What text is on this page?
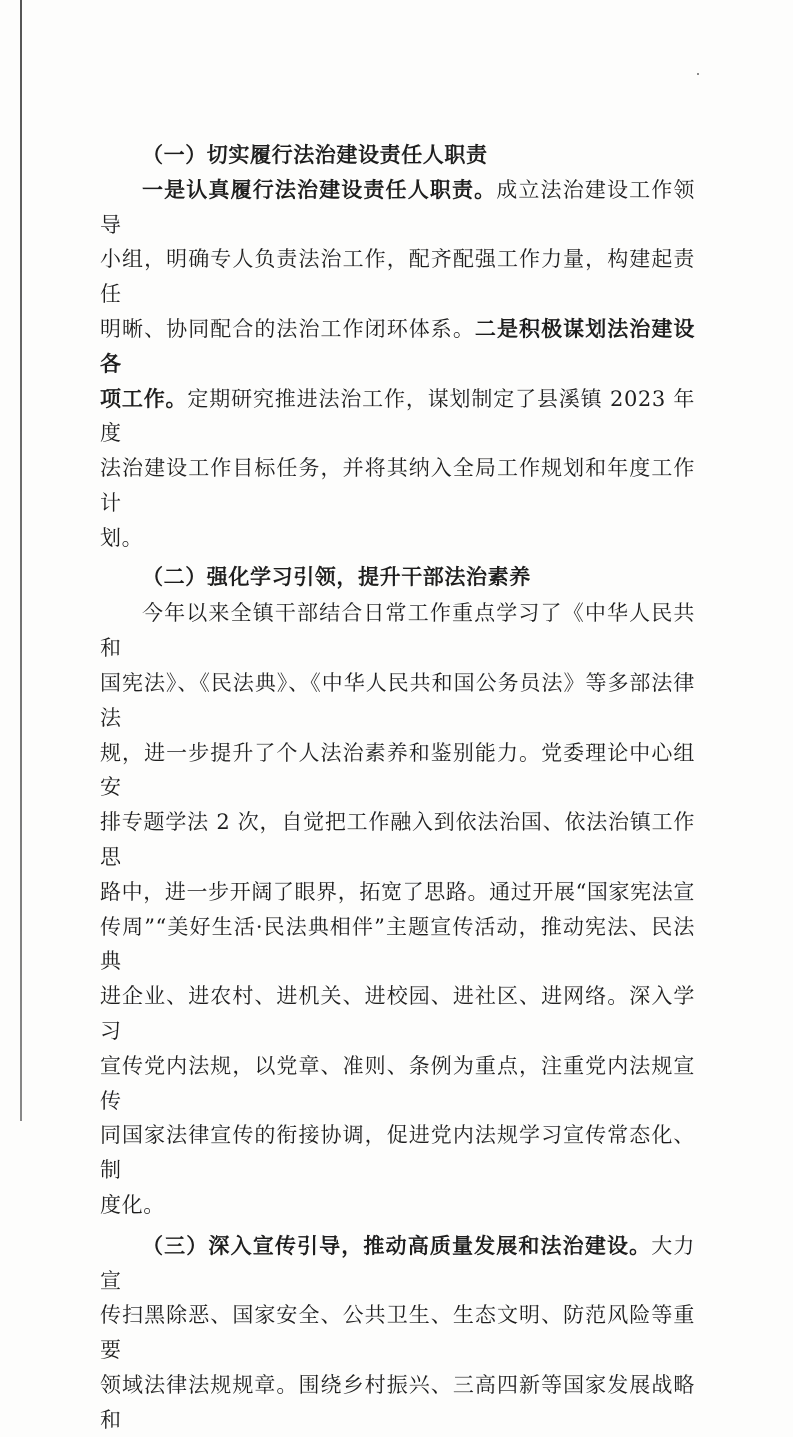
（一）切实履行法治建设责任人职责

一是认真履行法治建设责任人职责。成立法治建设工作领导

小组，明确专人负责法治工作，配齐配强工作力量，构建起责任

明晰、协同配合的法治工作闭环体系。二是积极谋划法治建设各

项工作。定期研究推进法治工作，谋划制定了县溪镇 2023 年度

法治建设工作目标任务，并将其纳入全局工作规划和年度工作计

划。

（二）强化学习引领，提升干部法治素养

今年以来全镇干部结合日常工作重点学习了《中华人民共和

国宪法》、《民法典》、《中华人民共和国公务员法》等多部法律法

规，进一步提升了个人法治素养和鉴别能力。党委理论中心组安

排专题学法 2 次，自觉把工作融入到依法治国、依法治镇工作思

路中，进一步开阔了眼界，拓宽了思路。通过开展“国家宪法宣

传周”“美好生活·民法典相伴”主题宣传活动，推动宪法、民法典

进企业、进农村、进机关、进校园、进社区、进网络。深入学习

宣传党内法规，以党章、准则、条例为重点，注重党内法规宣传

同国家法律宣传的衔接协调，促进党内法规学习宣传常态化、制

度化。

（三）深入宣传引导，推动高质量发展和法治建设。大力宣

传扫黑除恶、国家安全、公共卫生、生态文明、防范风险等重要

领域法律法规规章。围绕乡村振兴、三高四新等国家发展战略和
